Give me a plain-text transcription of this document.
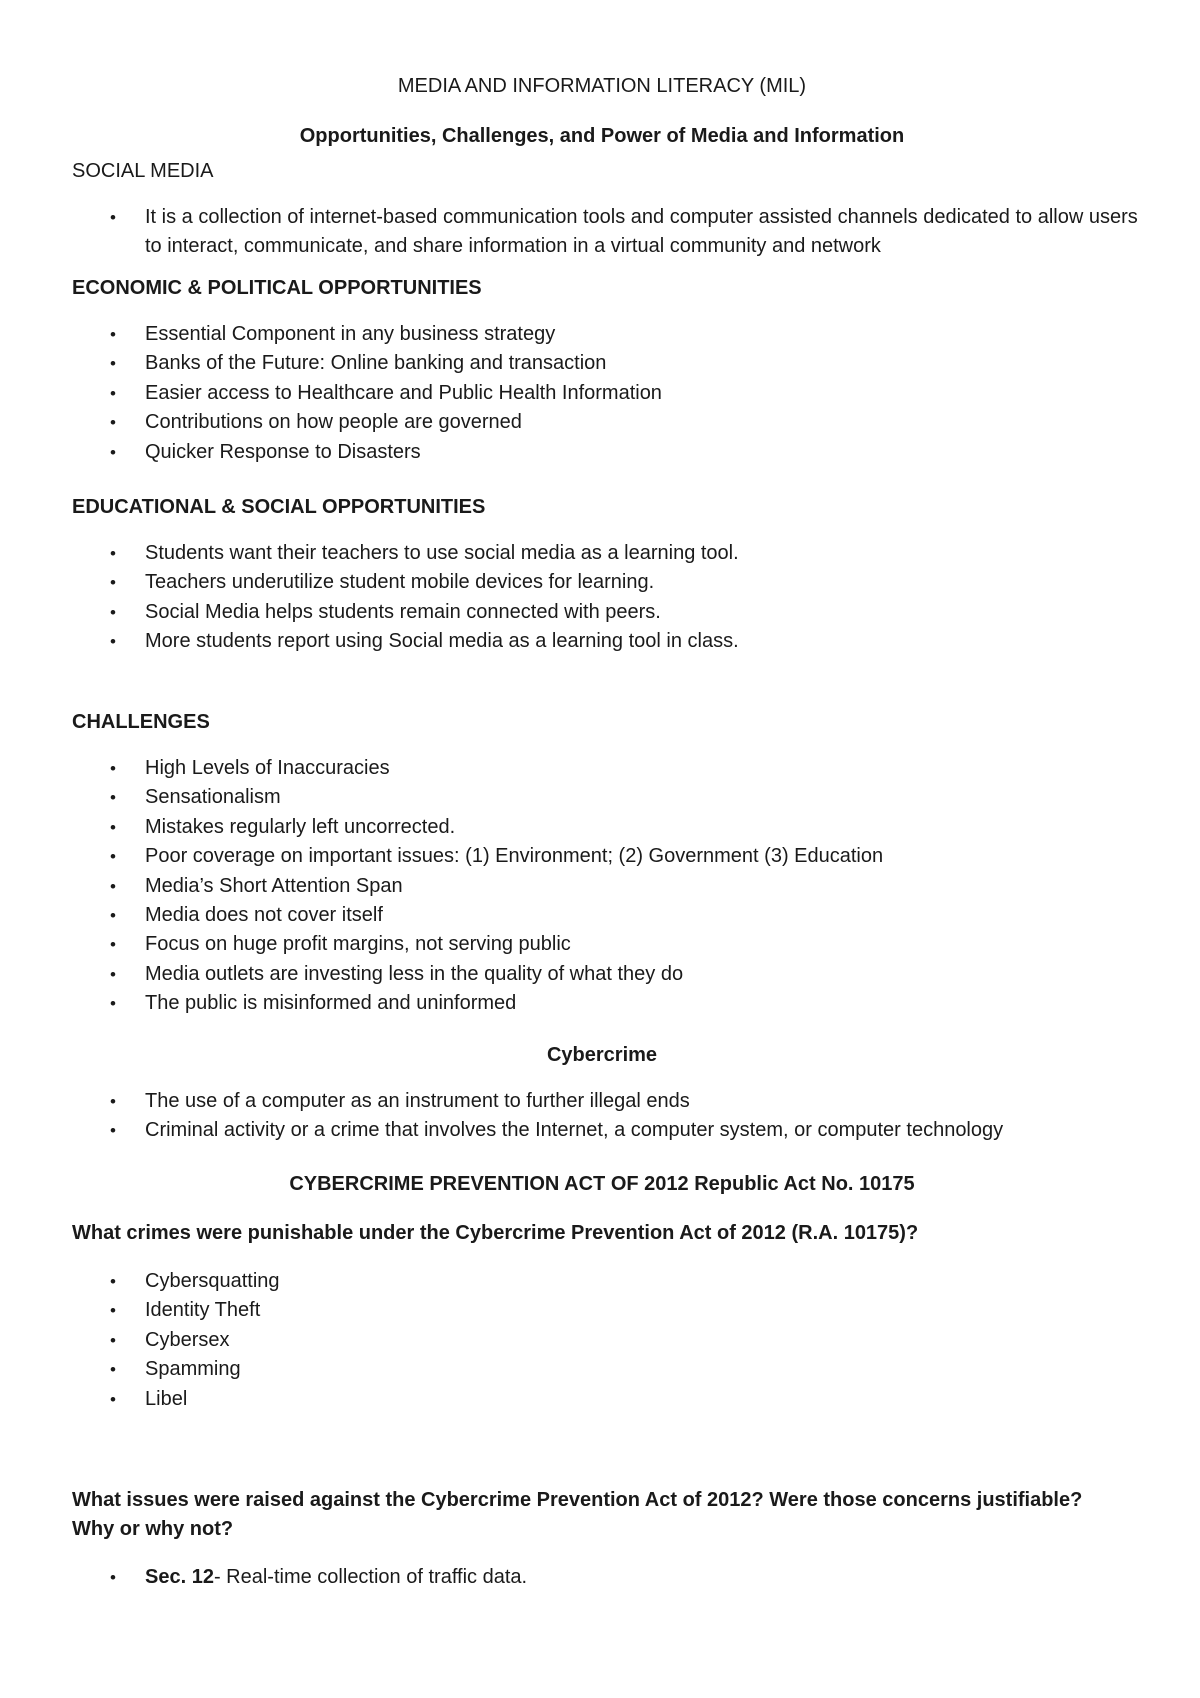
MEDIA AND INFORMATION LITERACY (MIL)
Opportunities, Challenges, and Power of Media and Information
SOCIAL MEDIA
• It is a collection of internet-based communication tools and computer assisted channels dedicated to allow users to interact, communicate, and share information in a virtual community and network
ECONOMIC & POLITICAL OPPORTUNITIES
• Essential Component in any business strategy
• Banks of the Future: Online banking and transaction
• Easier access to Healthcare and Public Health Information
• Contributions on how people are governed
• Quicker Response to Disasters
EDUCATIONAL & SOCIAL OPPORTUNITIES
• Students want their teachers to use social media as a learning tool.
• Teachers underutilize student mobile devices for learning.
• Social Media helps students remain connected with peers.
• More students report using Social media as a learning tool in class.
CHALLENGES
• High Levels of Inaccuracies
• Sensationalism
• Mistakes regularly left uncorrected.
• Poor coverage on important issues: (1) Environment; (2) Government (3) Education
• Media’s Short Attention Span
• Media does not cover itself
• Focus on huge profit margins, not serving public
• Media outlets are investing less in the quality of what they do
• The public is misinformed and uninformed
Cybercrime
• The use of a computer as an instrument to further illegal ends
• Criminal activity or a crime that involves the Internet, a computer system, or computer technology
CYBERCRIME PREVENTION ACT OF 2012 Republic Act No. 10175
What crimes were punishable under the Cybercrime Prevention Act of 2012 (R.A. 10175)?
• Cybersquatting
• Identity Theft
• Cybersex
• Spamming
• Libel
What issues were raised against the Cybercrime Prevention Act of 2012? Were those concerns justifiable? Why or why not?
• Sec. 12- Real-time collection of traffic data.
